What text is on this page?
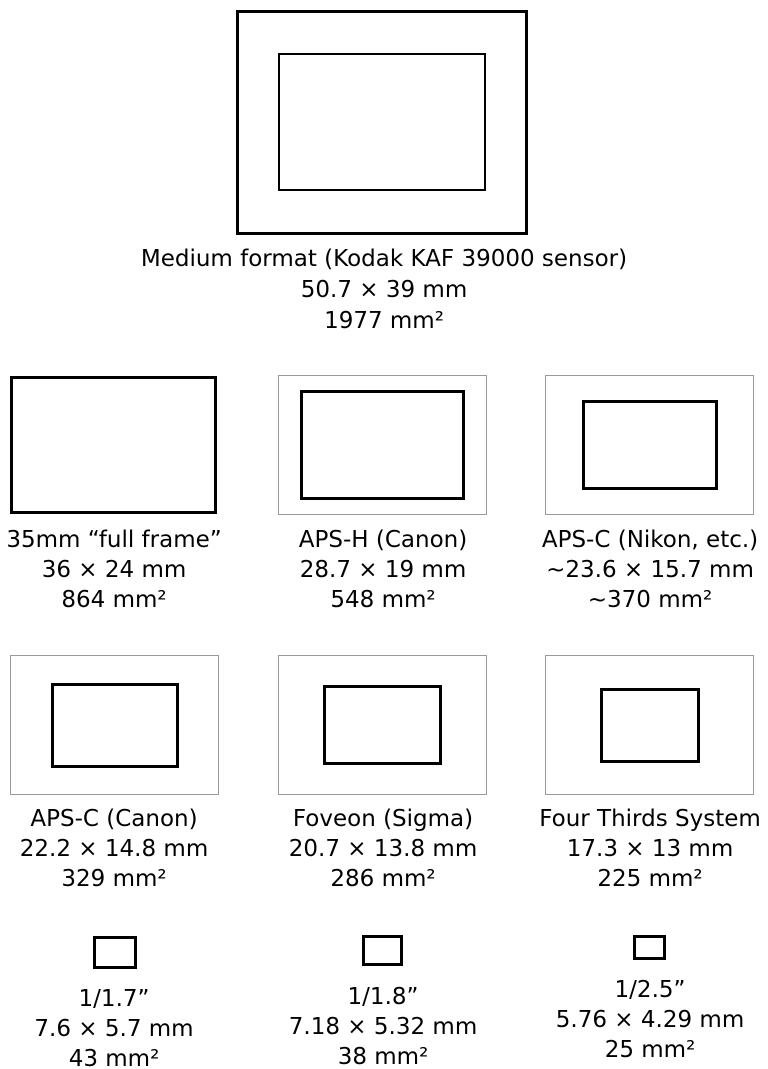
Medium format (Kodak KAF 39000 sensor)
50.7 × 39 mm
1977 mm²
35mm “full frame”
36 × 24 mm
864 mm²
APS-H (Canon)
28.7 × 19 mm
548 mm²
APS-C (Nikon, etc.)
~23.6 × 15.7 mm
~370 mm²
APS-C (Canon)
22.2 × 14.8 mm
329 mm²
Foveon (Sigma)
20.7 × 13.8 mm
286 mm²
Four Thirds System
17.3 × 13 mm
225 mm²
1/1.7”
7.6 × 5.7 mm
43 mm²
1/1.8”
7.18 × 5.32 mm
38 mm²
1/2.5”
5.76 × 4.29 mm
25 mm²
